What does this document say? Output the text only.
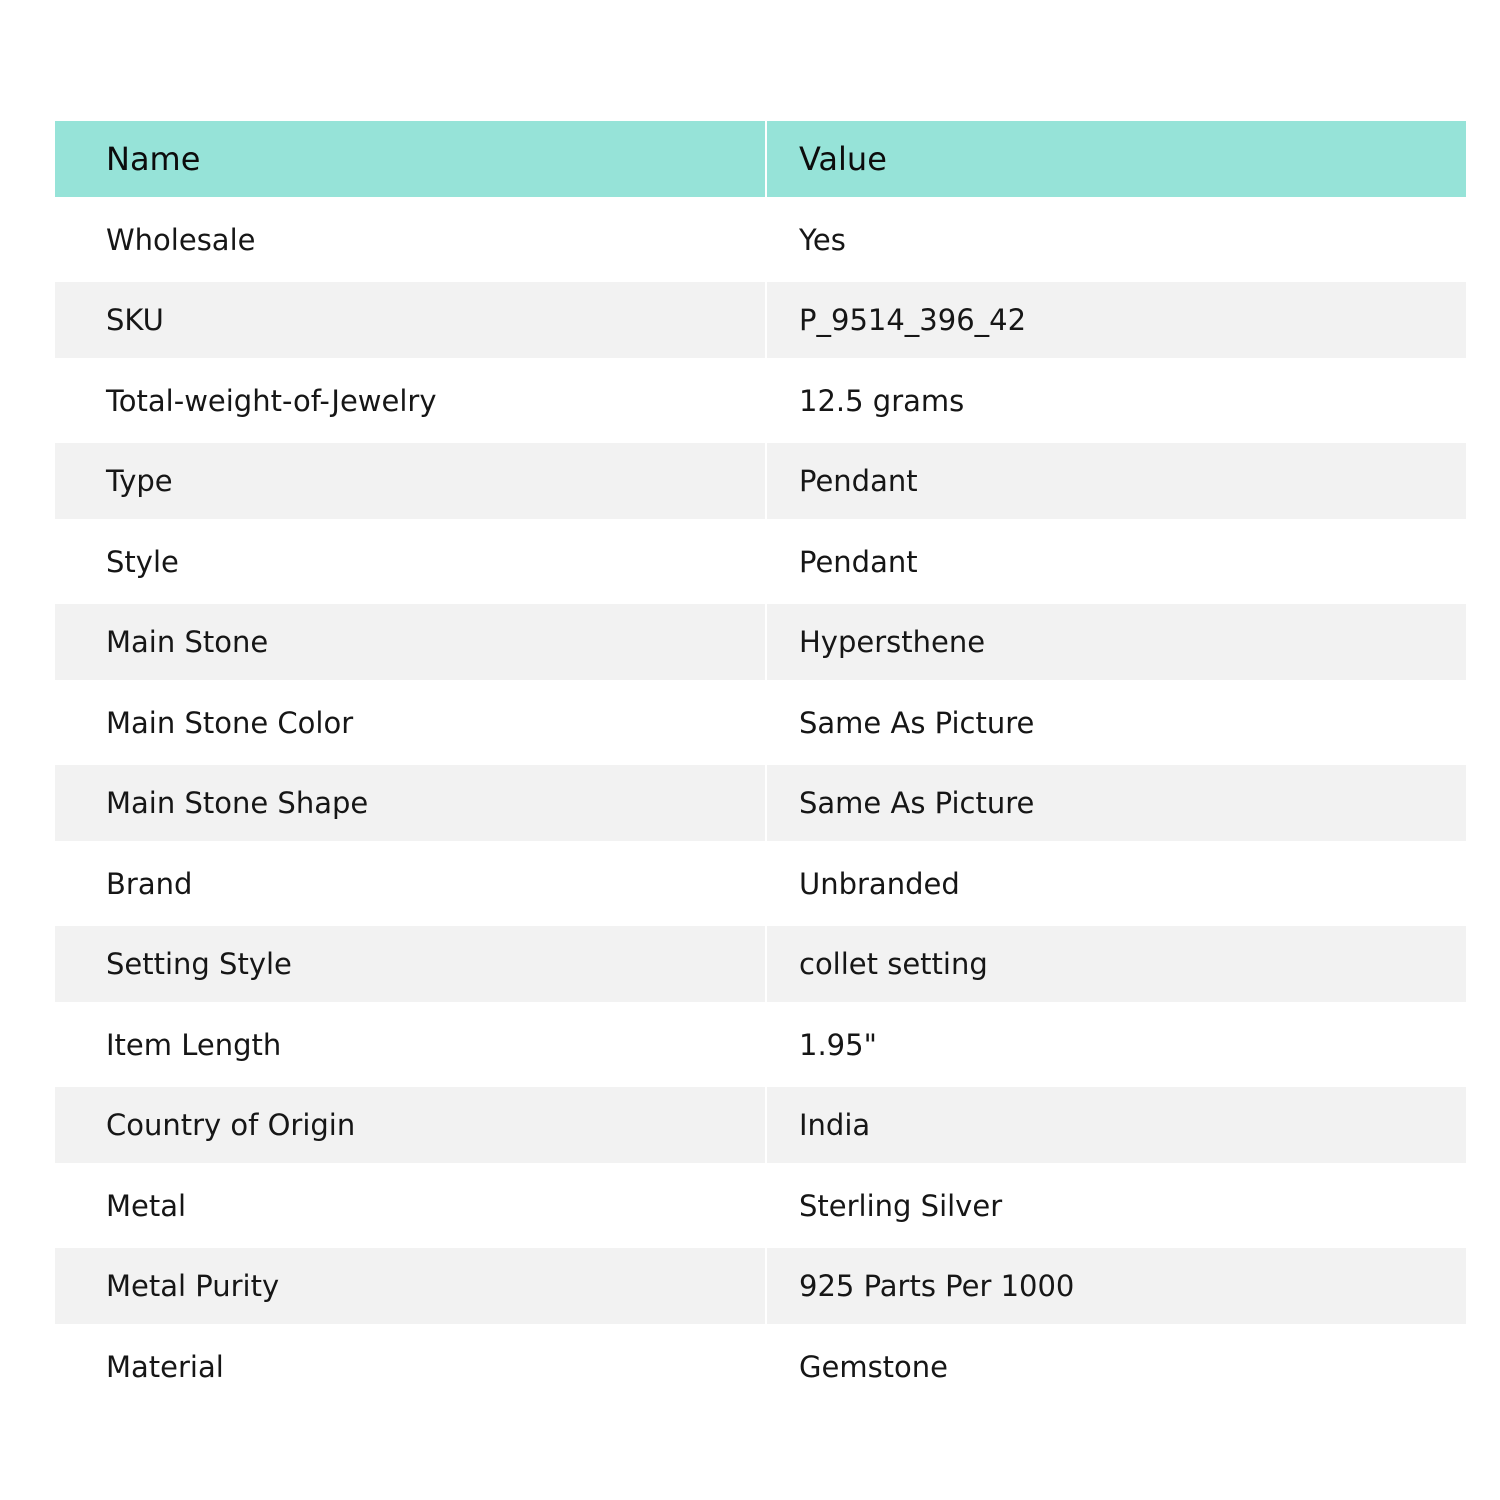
Name	Value
Wholesale	Yes
SKU	P_9514_396_42
Total-weight-of-Jewelry	12.5 grams
Type	Pendant
Style	Pendant
Main Stone	Hypersthene
Main Stone Color	Same As Picture
Main Stone Shape	Same As Picture
Brand	Unbranded
Setting Style	collet setting
Item Length	1.95"
Country of Origin	India
Metal	Sterling Silver
Metal Purity	925 Parts Per 1000
Material	Gemstone
